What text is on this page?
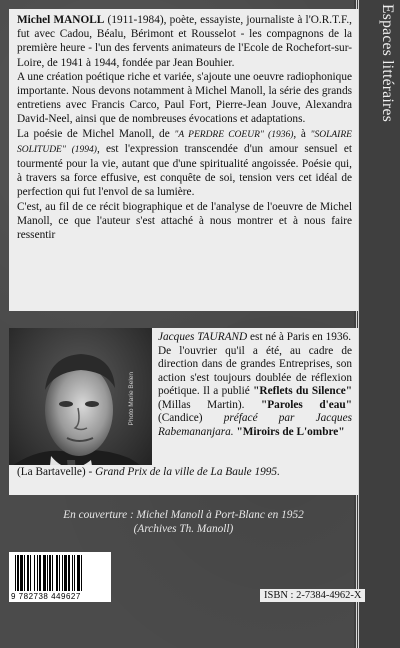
Espaces littéraires

Michel MANOLL (1911-1984), poète, essayiste, journaliste à l'O.R.T.F., fut avec Cadou, Béalu, Bérimont et Rousselot - les compagnons de la première heure - l'un des fervents animateurs de l'Ecole de Rochefort-sur-Loire, de 1941 à 1944, fondée par Jean Bouhier.

A une création poétique riche et variée, s'ajoute une oeuvre radiophonique importante. Nous devons notamment à Michel Manoll, la série des grands entretiens avec Francis Carco, Paul Fort, Pierre-Jean Jouve, Alexandra David-Neel, ainsi que de nombreuses évocations et adaptations.

La poésie de Michel Manoll, de "A PERDRE COEUR" (1936), à "SOLAIRE SOLITUDE" (1994), est l'expression transcendée d'un amour sensuel et tourmenté pour la vie, autant que d'une spiritualité angoissée. Poésie qui, à travers sa force effusive, est conquête de soi, tension vers cet idéal de perfection qui fut l'envol de sa lumière.

C'est, au fil de ce récit biographique et de l'analyse de l'oeuvre de Michel Manoll, ce que l'auteur s'est attaché à nous montrer et à nous faire ressentir

Photo Marie Belen

Jacques TAURAND est né à Paris en 1936.

De l'ouvrier qu'il a été, au cadre de direction dans de grandes Entreprises, son action s'est toujours doublée de réflexion poétique. Il a publié "Reflets du Silence" (Millas Martin). "Paroles d'eau" (Candice) préfacé par Jacques Rabemananjara. "Miroirs de L'ombre"

(La Bartavelle) - Grand Prix de la ville de La Baule 1995.

En couverture : Michel Manoll à Port-Blanc en 1952
(Archives Th. Manoll)
9 782738 449627	ISBN : 2-7384-4962-X
